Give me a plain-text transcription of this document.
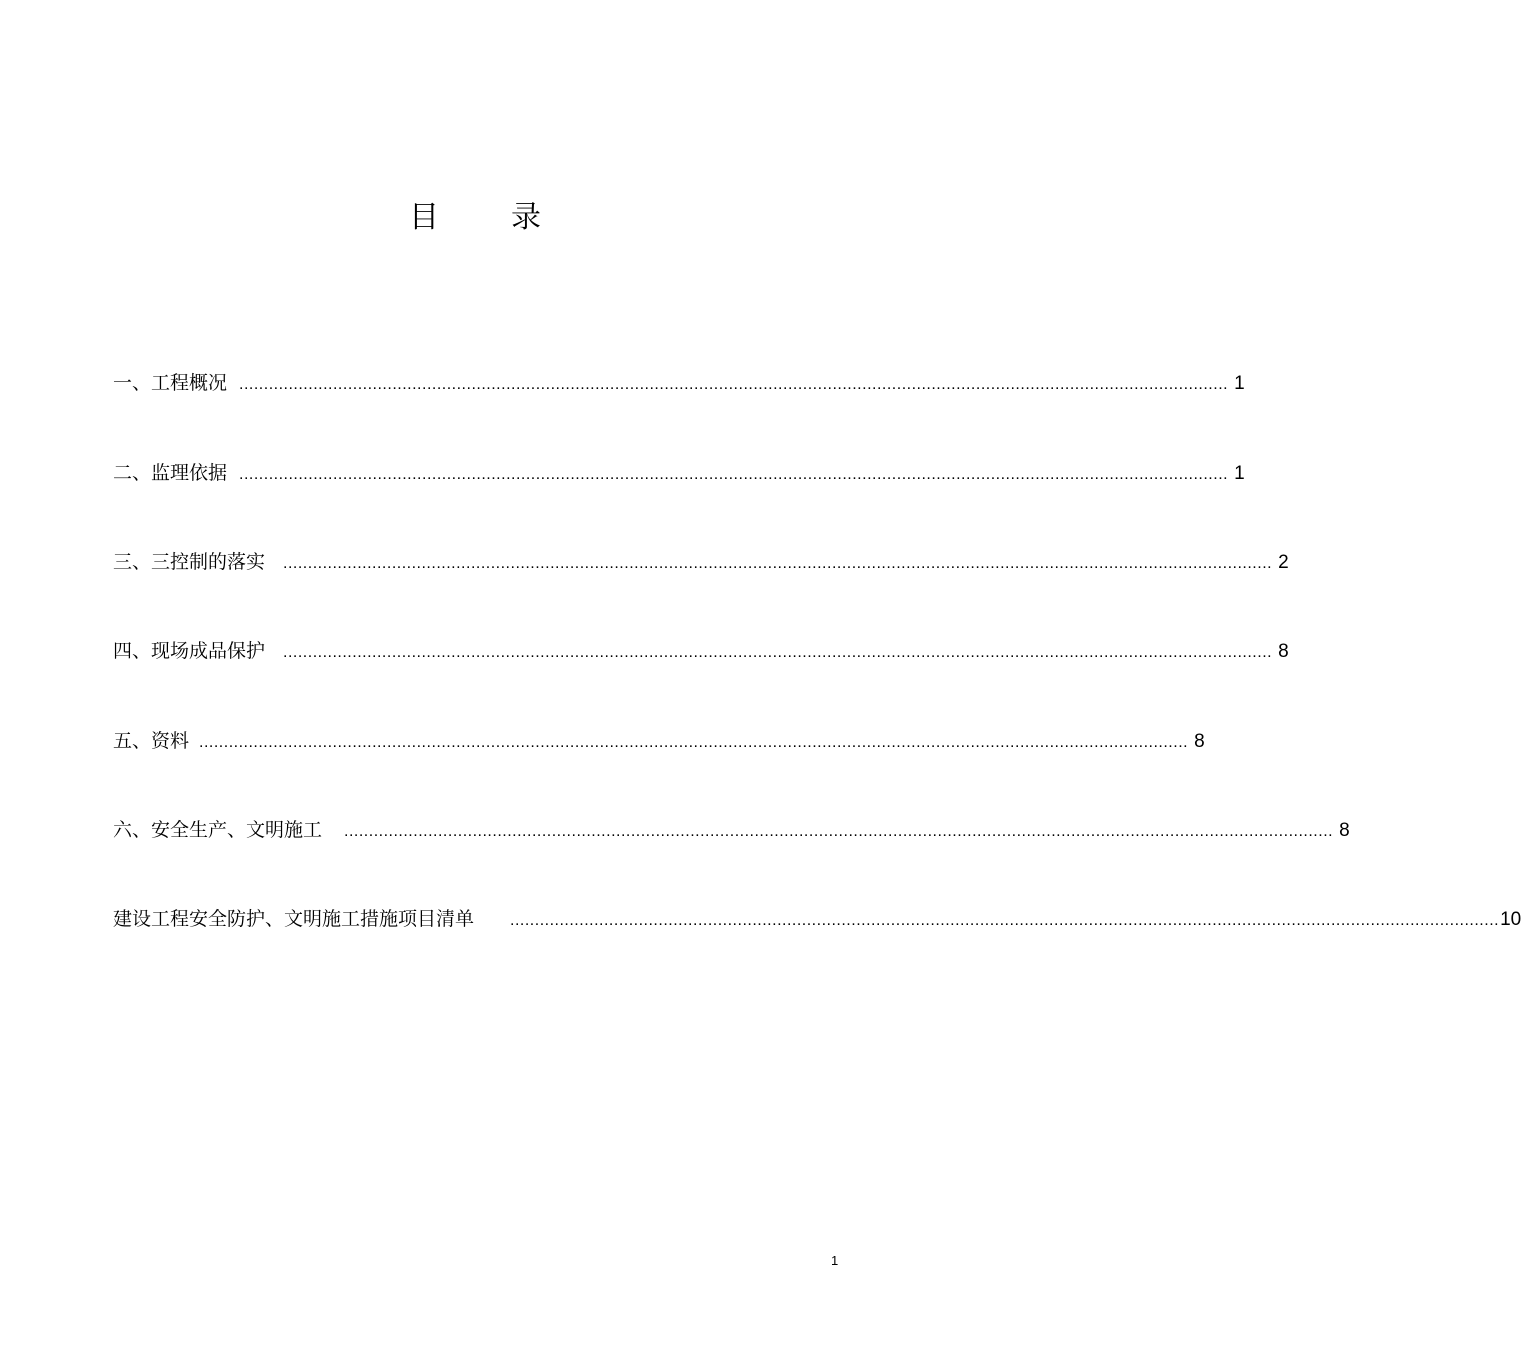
目 录
一、工程概况 ........................................................................................................................................................................................................ 1
二、监理依据 ........................................................................................................................................................................................................ 1
三、三控制的落实 ........................................................................................................................................................................................................ 2
四、现场成品保护 ........................................................................................................................................................................................................ 8
五、资料 ........................................................................................................................................................................................................ 8
六、安全生产、文明施工 ........................................................................................................................................................................................................ 8
建设工程安全防护、文明施工措施项目清单 ........................................................................................................................................................................................................ 10
1
